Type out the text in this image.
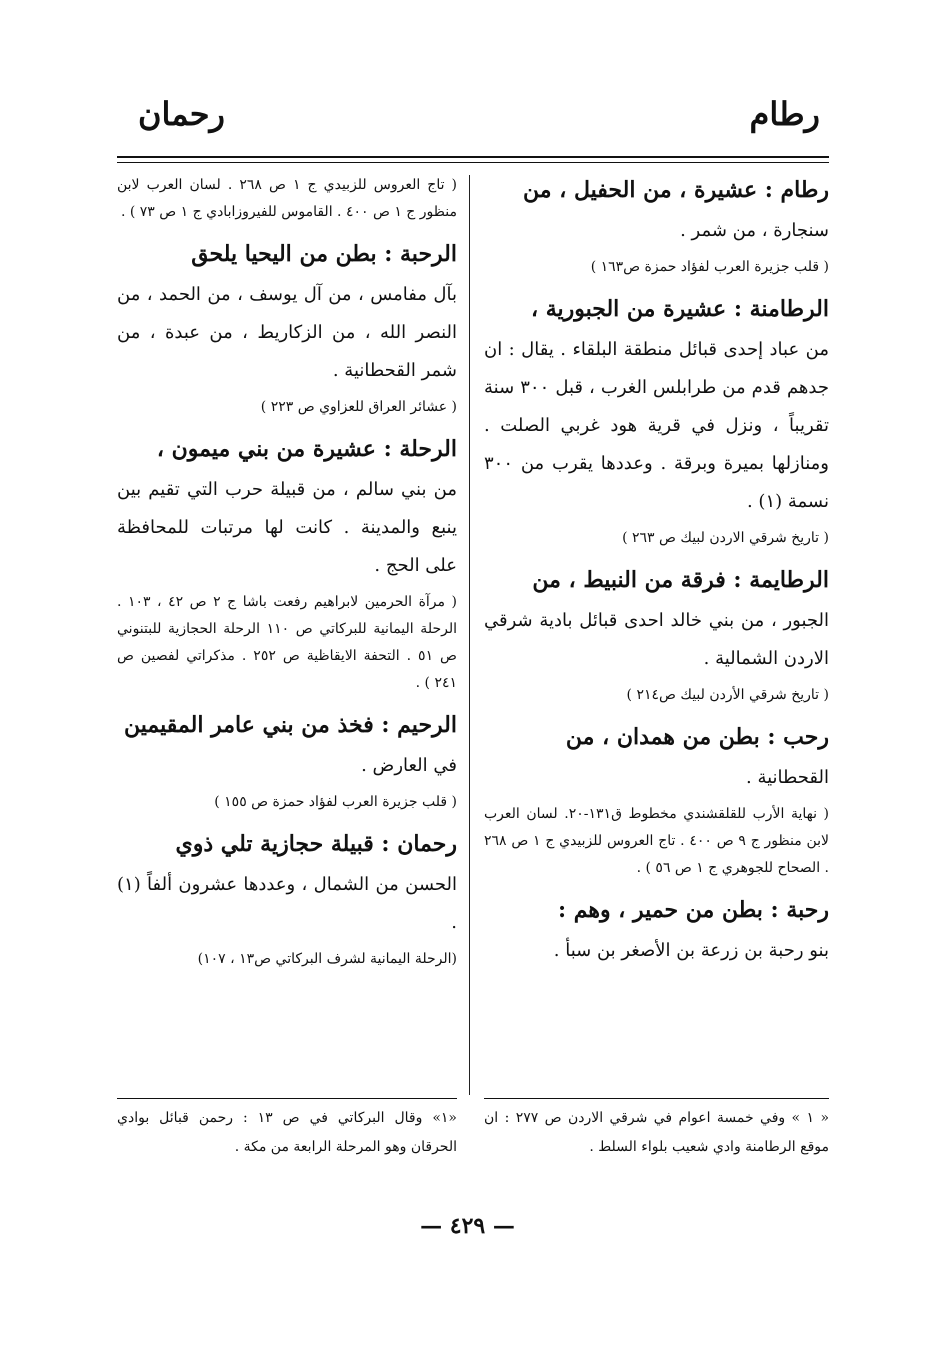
رطام
رحمان

رطام : عشيرة ، من الحفيل ، من

سنجارة ، من شمر .

( قلب جزيرة العرب لفؤاد حمزة ص١٦٣ )

الرطامنة : عشيرة من الجبورية ،

من عباد إحدى قبائل منطقة البلقاء . يقال : ان جدهم قدم من طرابلس الغرب ، قبل ٣٠٠ سنة تقريباً ، ونزل في قرية هود غربي الصلت . ومنازلها بميرة وبرقة . وعددها يقرب من ٣٠٠ نسمة (١) .

( تاريخ شرقي الاردن لبيك ص ٢٦٣ )

الرطايمة : فرقة من النبيط ، من

الجبور ، من بني خالد احدى قبائل بادية شرقي الاردن الشمالية .

( تاريخ شرقي الأردن لبيك ص٢١٤ )

رحب : بطن من همدان ، من

القحطانية .

( نهاية الأرب للقلقشندي مخطوط ق١٣١-٢٠. لسان العرب لابن منظور ج ٩ ص ٤٠٠ . تاج العروس للزبيدي ج ١ ص ٢٦٨ . الصحاح للجوهري ج ١ ص ٥٦ ) .

رحبة : بطن من حمير ، وهم :

بنو رحبة بن زرعة بن الأصغر بن سبأ .

( تاج العروس للزبيدي ج ١ ص ٢٦٨ . لسان العرب لابن منظور ج ١ ص ٤٠٠ . القاموس للفيروزابادي ج ١ ص ٧٣ ) .

الرحبة : بطن من اليحيا يلحق

بآل مفامس ، من آل يوسف ، من الحمد ، من النصر الله ، من الزكاريط ، من عبدة ، من شمر القحطانية .

( عشائر العراق للعزاوي ص ٢٢٣ )

الرحلة : عشيرة من بني ميمون ،

من بني سالم ، من قبيلة حرب التي تقيم بين ينبع والمدينة . كانت لها مرتبات للمحافظة على الحج .

( مرآة الحرمين لابراهيم رفعت باشا ج ٢ ص ٤٢ ، ١٠٣ . الرحلة اليمانية للبركاتي ص ١١٠ الرحلة الحجازية للبتنوني ص ٥١ . التحفة الايقاظية ص ٢٥٢ . مذكراتي لفصين ص ٢٤١ ) .

الرحيم : فخذ من بني عامر المقيمين

في العارض .

( قلب جزيرة العرب لفؤاد حمزة ص ١٥٥ )

رحمان : قبيلة حجازية تلي ذوي

الحسن من الشمال ، وعددها عشرون ألفاً (١) .

(الرحلة اليمانية لشرف البركاتي ص١٣ ، ١٠٧)

« ١ » وفي خمسة اعوام في شرقي الاردن ص ٢٧٧ : ان موقع الرطامنة وادي شعيب بلواء السلط .
«١» وقال البركاتي في ص ١٣ : رحمن قبائل بوادي الحرقان وهو المرحلة الرابعة من مكة .
— ٤٢٩ —
